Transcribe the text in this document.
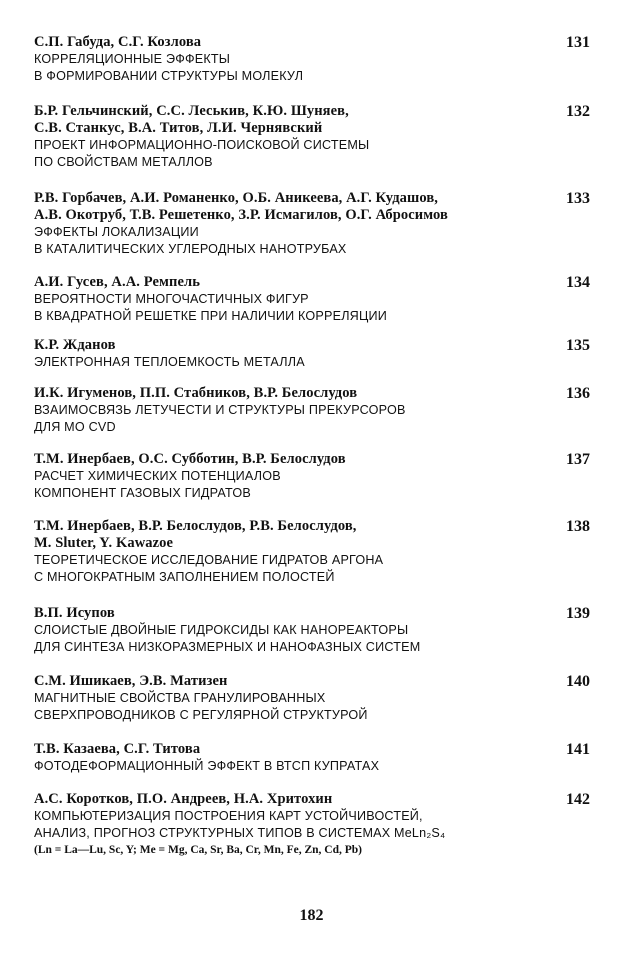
131
С.П. Габуда, С.Г. Козлова
КОРРЕЛЯЦИОННЫЕ ЭФФЕКТЫ
В ФОРМИРОВАНИИ СТРУКТУРЫ МОЛЕКУЛ
132
Б.Р. Гельчинский, С.С. Леськив, К.Ю. Шуняев,
С.В. Станкус, В.А. Титов, Л.И. Чернявский
ПРОЕКТ ИНФОРМАЦИОННО-ПОИСКОВОЙ СИСТЕМЫ
ПО СВОЙСТВАМ МЕТАЛЛОВ
133
Р.В. Горбачев, А.И. Романенко, О.Б. Аникеева, А.Г. Кудашов,
А.В. Окотруб, Т.В. Решетенко, З.Р. Исмагилов, О.Г. Абросимов
ЭФФЕКТЫ ЛОКАЛИЗАЦИИ
В КАТАЛИТИЧЕСКИХ УГЛЕРОДНЫХ НАНОТРУБАХ
134
А.И. Гусев, А.А. Ремпель
ВЕРОЯТНОСТИ МНОГОЧАСТИЧНЫХ ФИГУР
В КВАДРАТНОЙ РЕШЕТКЕ ПРИ НАЛИЧИИ КОРРЕЛЯЦИИ
135
К.Р. Жданов
ЭЛЕКТРОННАЯ ТЕПЛОЕМКОСТЬ МЕТАЛЛА
136
И.К. Игуменов, П.П. Стабников, В.Р. Белослудов
ВЗАИМОСВЯЗЬ ЛЕТУЧЕСТИ И СТРУКТУРЫ ПРЕКУРСОРОВ
ДЛЯ МО CVD
137
Т.М. Инербаев, О.С. Субботин, В.Р. Белослудов
РАСЧЕТ ХИМИЧЕСКИХ ПОТЕНЦИАЛОВ
КОМПОНЕНТ ГАЗОВЫХ ГИДРАТОВ
138
Т.М. Инербаев, В.Р. Белослудов, Р.В. Белослудов,
M. Sluter, Y. Kawazoe
ТЕОРЕТИЧЕСКОЕ ИССЛЕДОВАНИЕ ГИДРАТОВ АРГОНА
С МНОГОКРАТНЫМ ЗАПОЛНЕНИЕМ ПОЛОСТЕЙ
139
В.П. Исупов
СЛОИСТЫЕ ДВОЙНЫЕ ГИДРОКСИДЫ КАК НАНОРЕАКТОРЫ
ДЛЯ СИНТЕЗА НИЗКОРАЗМЕРНЫХ И НАНОФАЗНЫХ СИСТЕМ
140
С.М. Ишикаев, Э.В. Матизен
МАГНИТНЫЕ СВОЙСТВА ГРАНУЛИРОВАННЫХ
СВЕРХПРОВОДНИКОВ С РЕГУЛЯРНОЙ СТРУКТУРОЙ
141
Т.В. Казаева, С.Г. Титова
ФОТОДЕФОРМАЦИОННЫЙ ЭФФЕКТ В ВТСП КУПРАТАХ
142
А.С. Коротков, П.О. Андреев, Н.А. Хритохин
КОМПЬЮТЕРИЗАЦИЯ ПОСТРОЕНИЯ КАРТ УСТОЙЧИВОСТЕЙ,
АНАЛИЗ, ПРОГНОЗ СТРУКТУРНЫХ ТИПОВ В СИСТЕМАХ MeLn₂S₄
(Ln = La—Lu, Sc, Y; Me = Mg, Ca, Sr, Ba, Cr, Mn, Fe, Zn, Cd, Pb)
182
